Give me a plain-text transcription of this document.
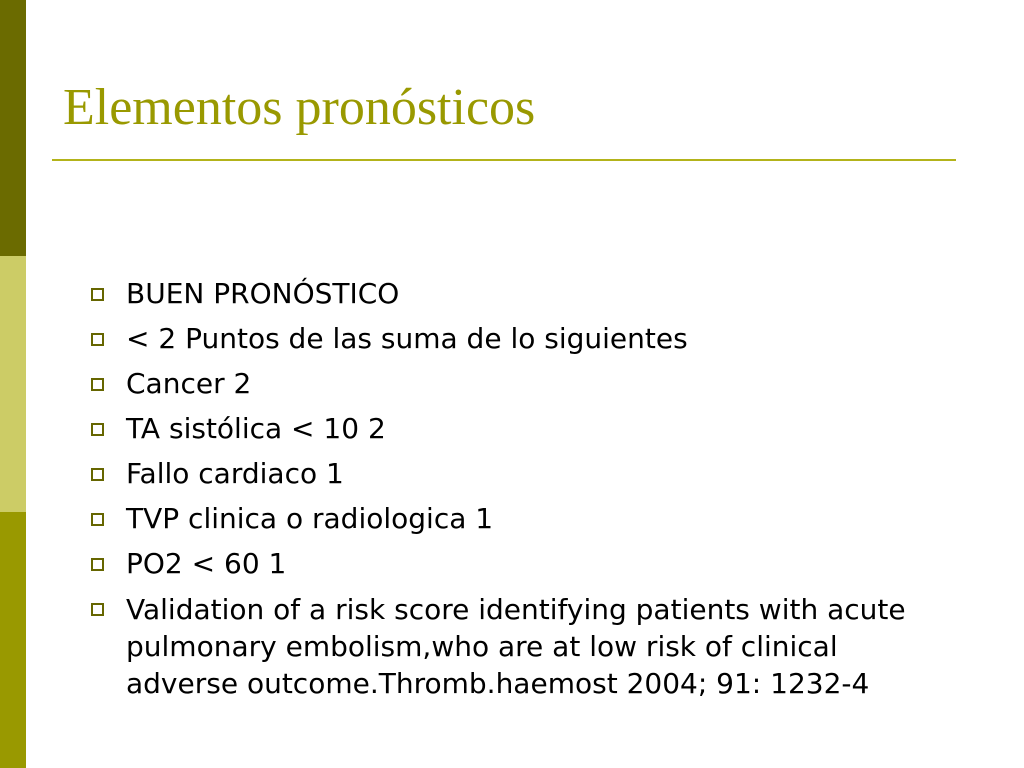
Elementos pronósticos
BUEN PRONÓSTICO
< 2 Puntos de las suma de lo siguientes
Cancer 2
TA sistólica < 10 2
Fallo cardiaco 1
TVP clinica o radiologica 1
PO2 < 60 1
Validation of a risk score identifying patients with acute pulmonary embolism,who are at low risk of clinical adverse outcome.Thromb.haemost 2004; 91: 1232-4
